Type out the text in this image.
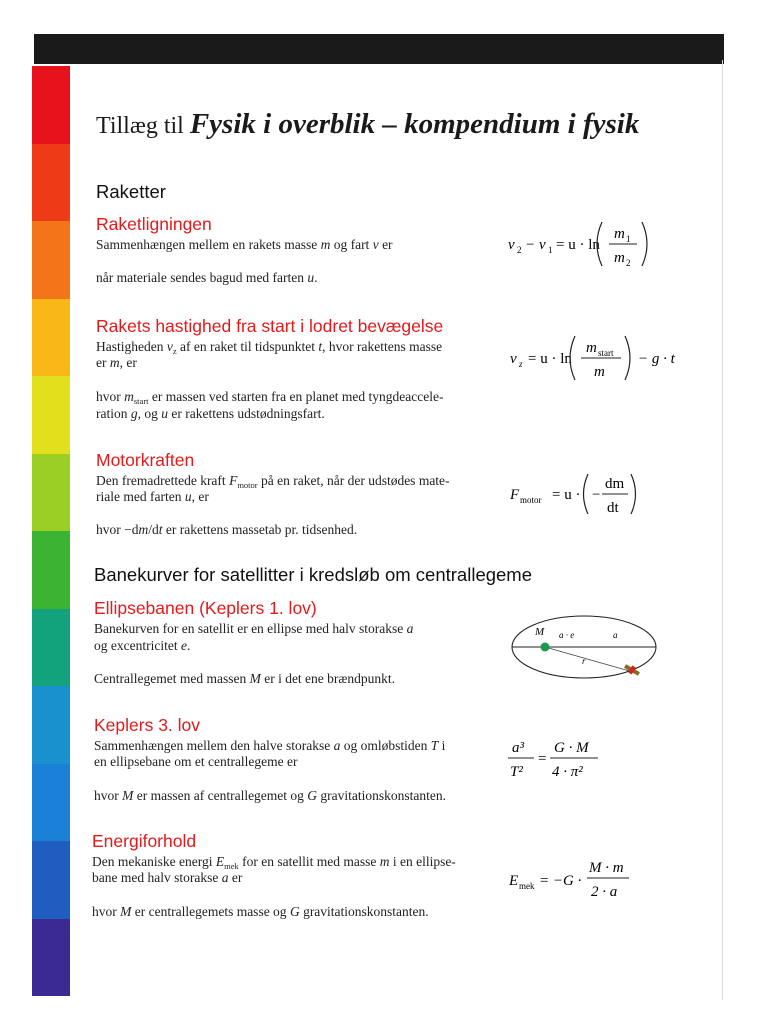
Tillæg til Fysik i overblik – kompendium i fysik
Raketter
Raketligningen
Sammenhængen mellem en rakets masse m og fart v er
når materiale sendes bagud med farten u.
v 2 − v 1 = u · ln
m 1
m 2
Rakets hastighed fra start i lodret bevægelse
Hastigheden $v_z$ af en raket til tidspunktet t, hvor rakettens masse
er m, er
hvor $m_{start}$ er massen ved starten fra en planet med tyngdeaccele-
ration g, og u er rakettens udstødningsfart.
v z = u · ln
m start
m
− g · t
Motorkraften
Den fremadrettede kraft $F_{motor}$ på en raket, når der udstødes mate-
riale med farten u, er
hvor −dm/dt er rakettens massetab pr. tidsenhed.
F motor = u · −
dm
dt
Banekurver for satellitter i kredsløb om centrallegeme
Ellipsebanen (Keplers 1. lov)
Banekurven for en satellit er en ellipse med halv storakse a
og excentricitet e.
Centrallegemet med massen M er i det ene brændpunkt.
M a · e	a
r
Keplers 3. lov
Sammenhængen mellem den halve storakse a og omløbstiden T i
en ellipsebane om et centrallegeme er
hvor M er massen af centrallegemet og G gravitationskonstanten.
a³
T²
=
G · M
4 · π²
Energiforhold
Den mekaniske energi $E_{mek}$ for en satellit med masse m i en ellipse-
bane med halv storakse a er
hvor M er centrallegemets masse og G gravitationskonstanten.
E mek = −G ·
M · m
2 · a
